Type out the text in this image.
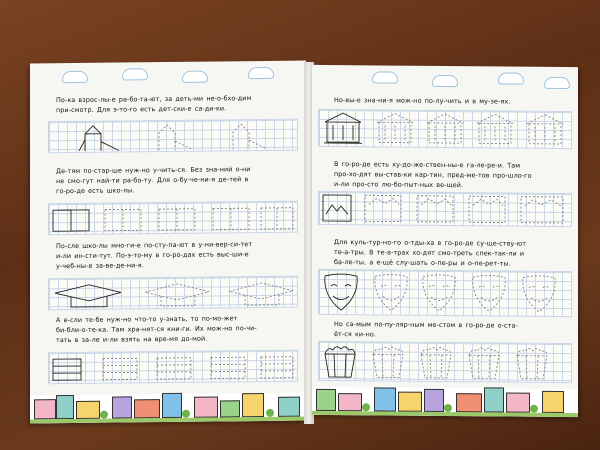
По-ка взрос-лы-е ра-бо-та-ют, за деть-ми не-о-бхо-дим
при-смотр. Для э-то-го есть дет-ски-е са-ди-ки.
Де-тям по-стар-ше нуж-но у-чить-ся. Без зна-ний о-ни
не смо-гут най-ти ра-бо-ту. Для о-бу-че-ни-я де-тей в
го-ро-де есть шко-лы.
По-сле шко-лы мно-ги-е по-сту-па-ют в у-ни-вер-си-тет
и-ли ин-сти-тут. По-э-то-му в го-ро-дах есть выс-ши-е
у-чеб-ны-е за-ве-де-ни-я.
А е-сли те-бе нуж-но что-то у-знать, то по-мо-жет
би-бли-о-те-ка. Там хра-нят-ся кни-ги. Их мож-но по-чи-
тать в за-ле и-ли взять на вре-мя до-мой.
Но-вы-е зна-ни-я мож-но по-лу-чить и в му-зе-ях.
В го-ро-де есть ху-до-же-ствен-ны-е га-ле-ре-и. Там
про-хо-дят вы-став-ки кар-тин, пред-ме-тов про-шло-го
и-ли про-сто лю-бо-пыт-ных ве-щей.
Для куль-тур-но-го о-тды-ха в го-ро-де су-ще-ству-ют
те-а-тры. В те-а-трах хо-дят смо-треть спек-так-ли и
ба-ле-ты, а е-щё слу-шать о-пе-ры и о-пе-рет-ты.
Но са-мым по-пу-ляр-ным ме-стом в го-ро-де о-ста-
ёт-ся ки-но.
